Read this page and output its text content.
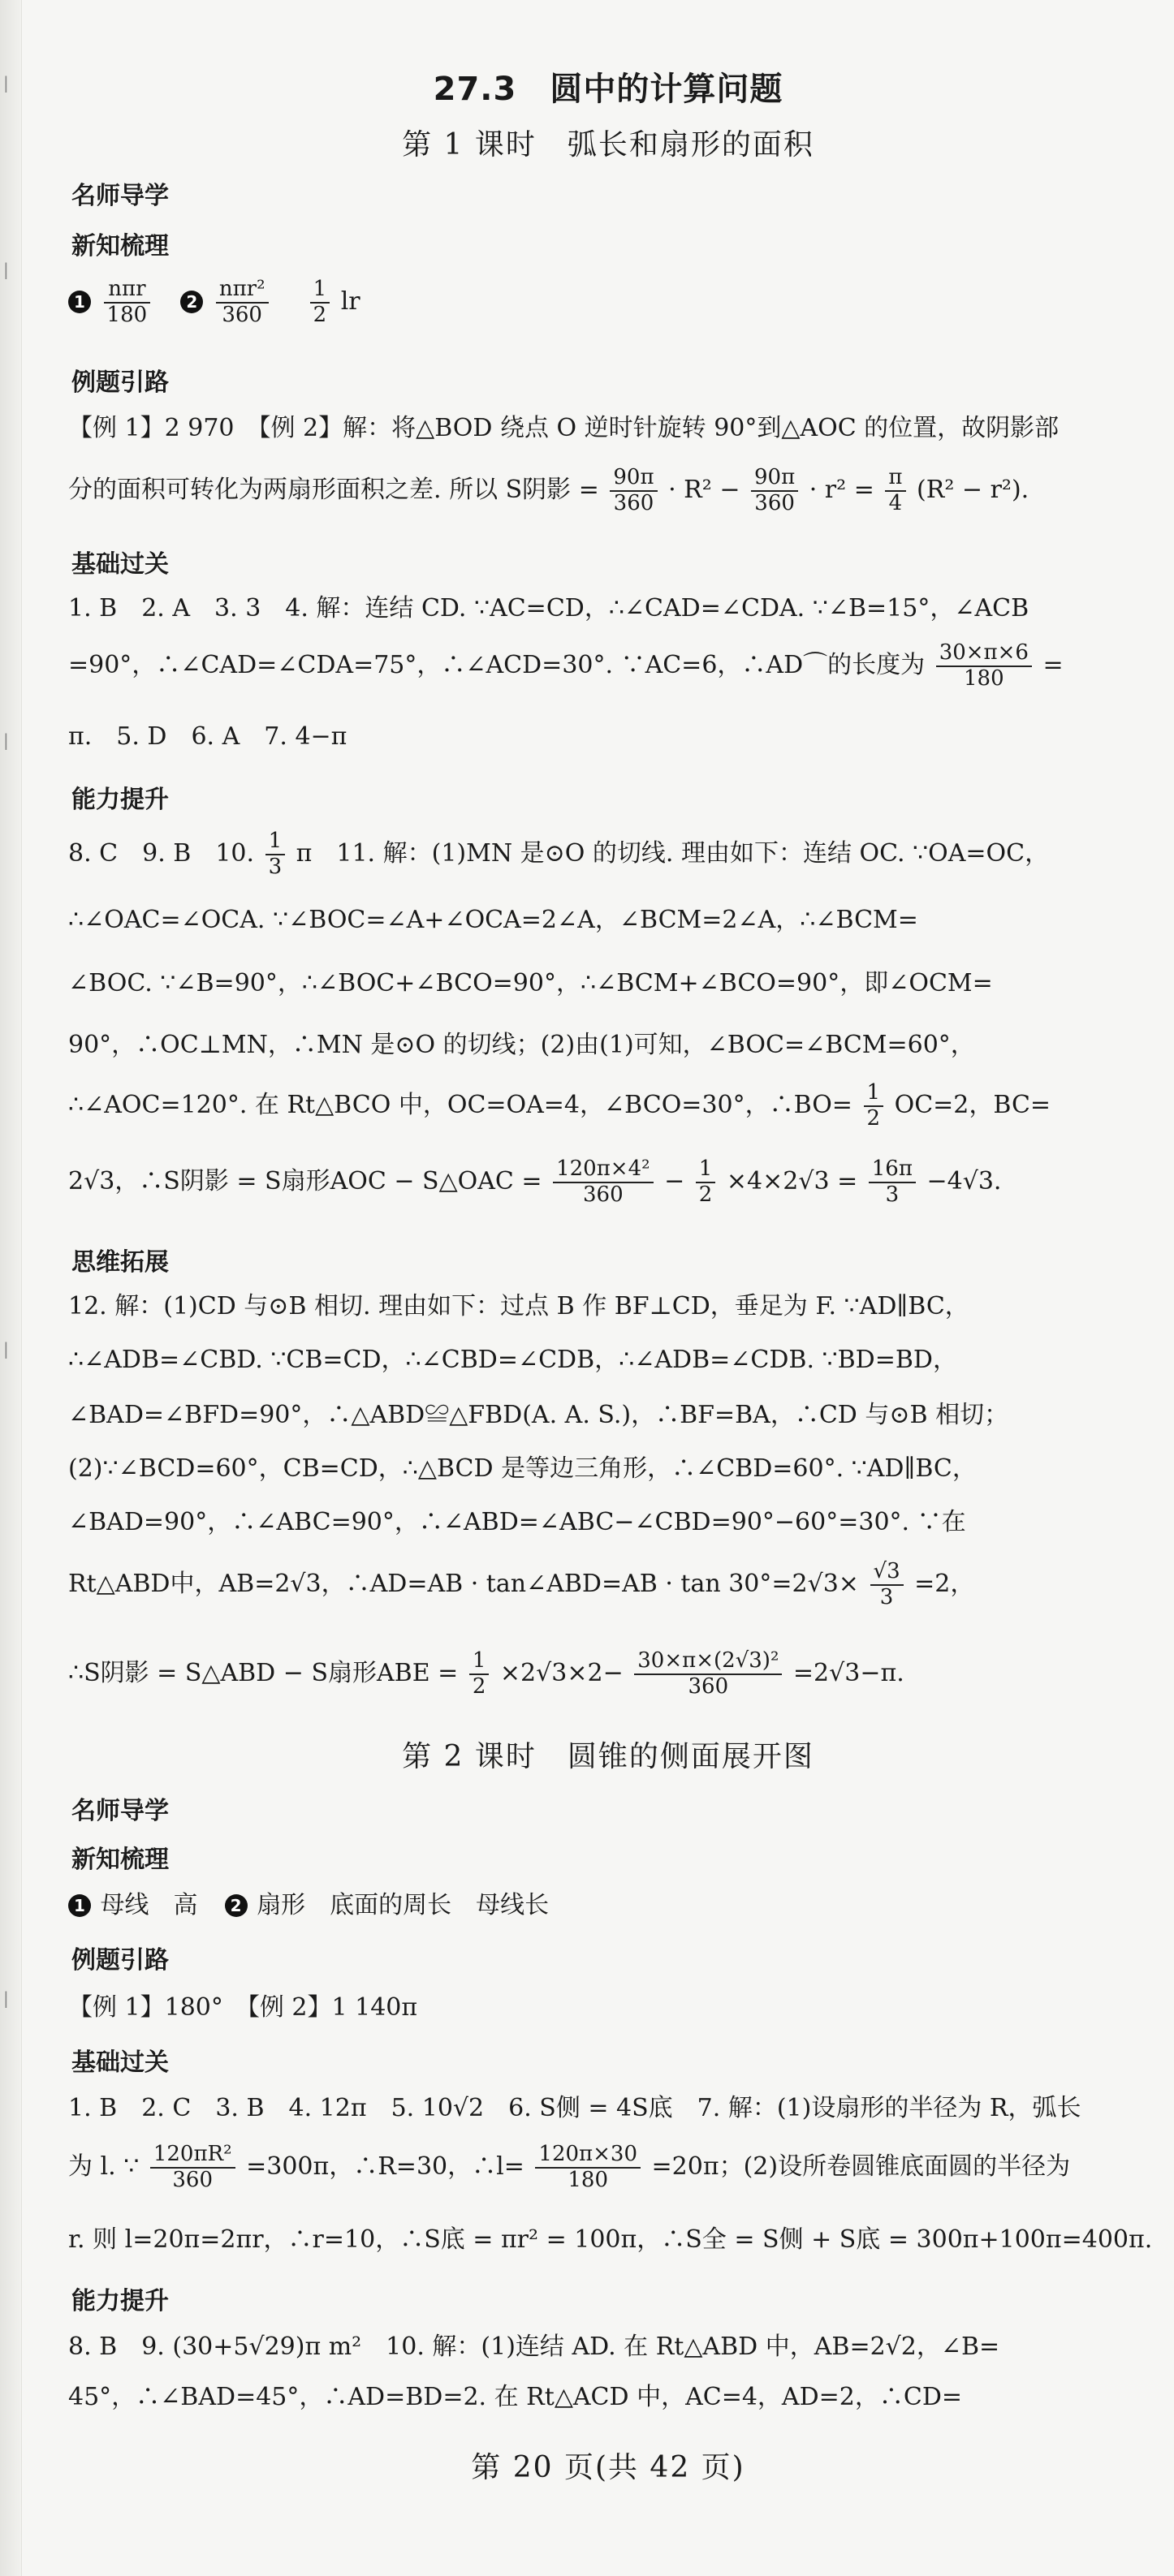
|
|
|
|
|
27.3　圆中的计算问题
第 1 课时　弧长和扇形的面积
名师导学
新知梳理
$1 \frac{\text{nπr}}{180} 2 \frac{\text{nπr²}}{360}$
$\frac{1}{2}$ lr
例题引路
【例 1】2 970　【例 2】解：将△BOD 绕点 O 逆时针旋转 90°到△AOC 的位置，故阴影部
分的面积可转化为两扇形面积之差. 所以 S阴影 = $\frac{90\pi}{360} \cdot R^2 - \frac{90\pi}{360} \cdot r^2 = \frac{\pi}{4} (R^2 - r^2)$.
基础过关
1. B　2. A　3. 3　4. 解：连结 CD. ∵AC=CD，∴∠CAD=∠CDA. ∵∠B=15°，∠ACB
=90°，∴∠CAD=∠CDA=75°，∴∠ACD=30°. ∵AC=6，∴AD⌒的长度为 $\frac{30\times\pi\times 6}{180}$ =
π.　5. D　6. A　7. 4−π
能力提升
8. C　9. B　10. $\frac{1}{3}$ π　11. 解：(1)MN 是⊙O 的切线. 理由如下：连结 OC. ∵OA=OC，
∴∠OAC=∠OCA. ∵∠BOC=∠A+∠OCA=2∠A，∠BCM=2∠A，∴∠BCM=
∠BOC. ∵∠B=90°，∴∠BOC+∠BCO=90°，∴∠BCM+∠BCO=90°，即∠OCM=
90°，∴OC⊥MN，∴MN 是⊙O 的切线；(2)由(1)可知，∠BOC=∠BCM=60°，
∴∠AOC=120°. 在 Rt△BCO 中，OC=OA=4，∠BCO=30°，∴BO= $\frac{1}{2} OC=2$，BC=
2√3，∴S阴影 = S扇形AOC − S△OAC = $\frac{\text{120π×4²}}{360} - \frac{1}{2} \times 4\times 2√3 = \frac{16\pi}{3} -4√3$.
思维拓展
12. 解：(1)CD 与⊙B 相切. 理由如下：过点 B 作 BF⊥CD，垂足为 F. ∵AD∥BC，
∴∠ADB=∠CBD. ∵CB=CD，∴∠CBD=∠CDB，∴∠ADB=∠CDB. ∵BD=BD，
∠BAD=∠BFD=90°，∴△ABD≌△FBD(A. A. S.)，∴BF=BA，∴CD 与⊙B 相切；
(2)∵∠BCD=60°，CB=CD，∴△BCD 是等边三角形，∴∠CBD=60°. ∵AD∥BC，
∠BAD=90°，∴∠ABC=90°，∴∠ABD=∠ABC−∠CBD=90°−60°=30°. ∵在
Rt△ABD中，AB=2√3，∴AD=AB · tan∠ABD=AB · $\tan 30^\circ=2√3\times \frac{√3}{3} =2$，
∴S阴影 = S△ABD − S扇形ABE = $\frac{1}{2} \times 2√3\times 2- \frac{\text{30×π×(2√3)²}}{360} =2√3-\pi$.
第 2 课时　圆锥的侧面展开图
名师导学
新知梳理
1 母线　高 2 扇形　底面的周长　母线长
例题引路
【例 1】180°　【例 2】1 140π
基础过关
1. B　2. C　3. B　4. 12π　5. 10√2　6. S侧 = 4S底　7. 解：(1)设扇形的半径为 R，弧长
为 l. ∵ $\frac{\text{120πR²}}{360} =300\pi$，∴R=30，∴l= $\frac{120\pi\times 30}{180} =20\pi$；(2)设所卷圆锥底面圆的半径为
r. 则 l=20π=2πr，∴r=10，∴S底 = πr² = 100π，∴S全 = S侧 + S底 = 300π+100π=400π.
能力提升
8. B　9. (30+5√29)π m²　10. 解：(1)连结 AD. 在 Rt△ABD 中，AB=2√2，∠B=
45°，∴∠BAD=45°，∴AD=BD=2. 在 Rt△ACD 中，AC=4，AD=2，∴CD=
第 20 页(共 42 页)
